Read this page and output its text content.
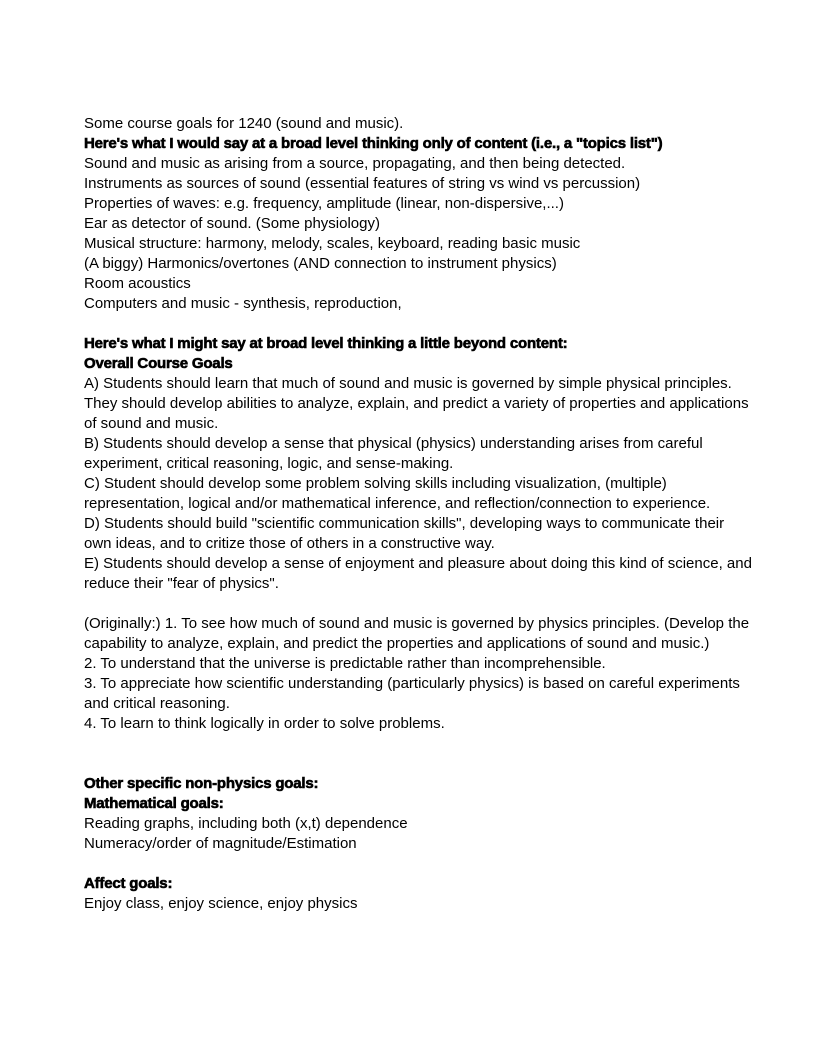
Some course goals for 1240 (sound and music).
Here's what I would say at a broad level thinking only of content (i.e., a "topics list")
Sound and music as arising from a source, propagating, and then being detected.
Instruments as sources of sound (essential features of string vs wind vs percussion)
Properties of waves: e.g. frequency, amplitude (linear, non-dispersive,...)
Ear as detector of sound. (Some physiology)
Musical structure: harmony, melody, scales, keyboard, reading basic music
(A biggy) Harmonics/overtones (AND connection to instrument physics)
Room acoustics
Computers and music - synthesis, reproduction,
Here's what I might say at broad level thinking a little beyond content:
Overall Course Goals

A) Students should learn that much of sound and music is governed by simple physical principles. They should develop abilities to analyze, explain, and predict a variety of properties and applications of sound and music.

B) Students should develop a sense that physical (physics) understanding arises from careful experiment, critical reasoning, logic, and sense-making.

C) Student should develop some problem solving skills including visualization, (multiple) representation, logical and/or mathematical inference, and reflection/connection to experience.

D) Students should build "scientific communication skills", developing ways to communicate their own ideas, and to critize those of others in a constructive way.

E) Students should develop a sense of enjoyment and pleasure about doing this kind of science, and reduce their "fear of physics".

(Originally:) 1. To see how much of sound and music is governed by physics principles. (Develop the capability to analyze, explain, and predict the properties and applications of sound and music.)

2. To understand that the universe is predictable rather than incomprehensible.

3. To appreciate how scientific understanding (particularly physics) is based on careful experiments and critical reasoning.

4. To learn to think logically in order to solve problems.

Other specific non-physics goals:
Mathematical goals:
Reading graphs, including both (x,t) dependence
Numeracy/order of magnitude/Estimation
Affect goals:
Enjoy class, enjoy science, enjoy physics
